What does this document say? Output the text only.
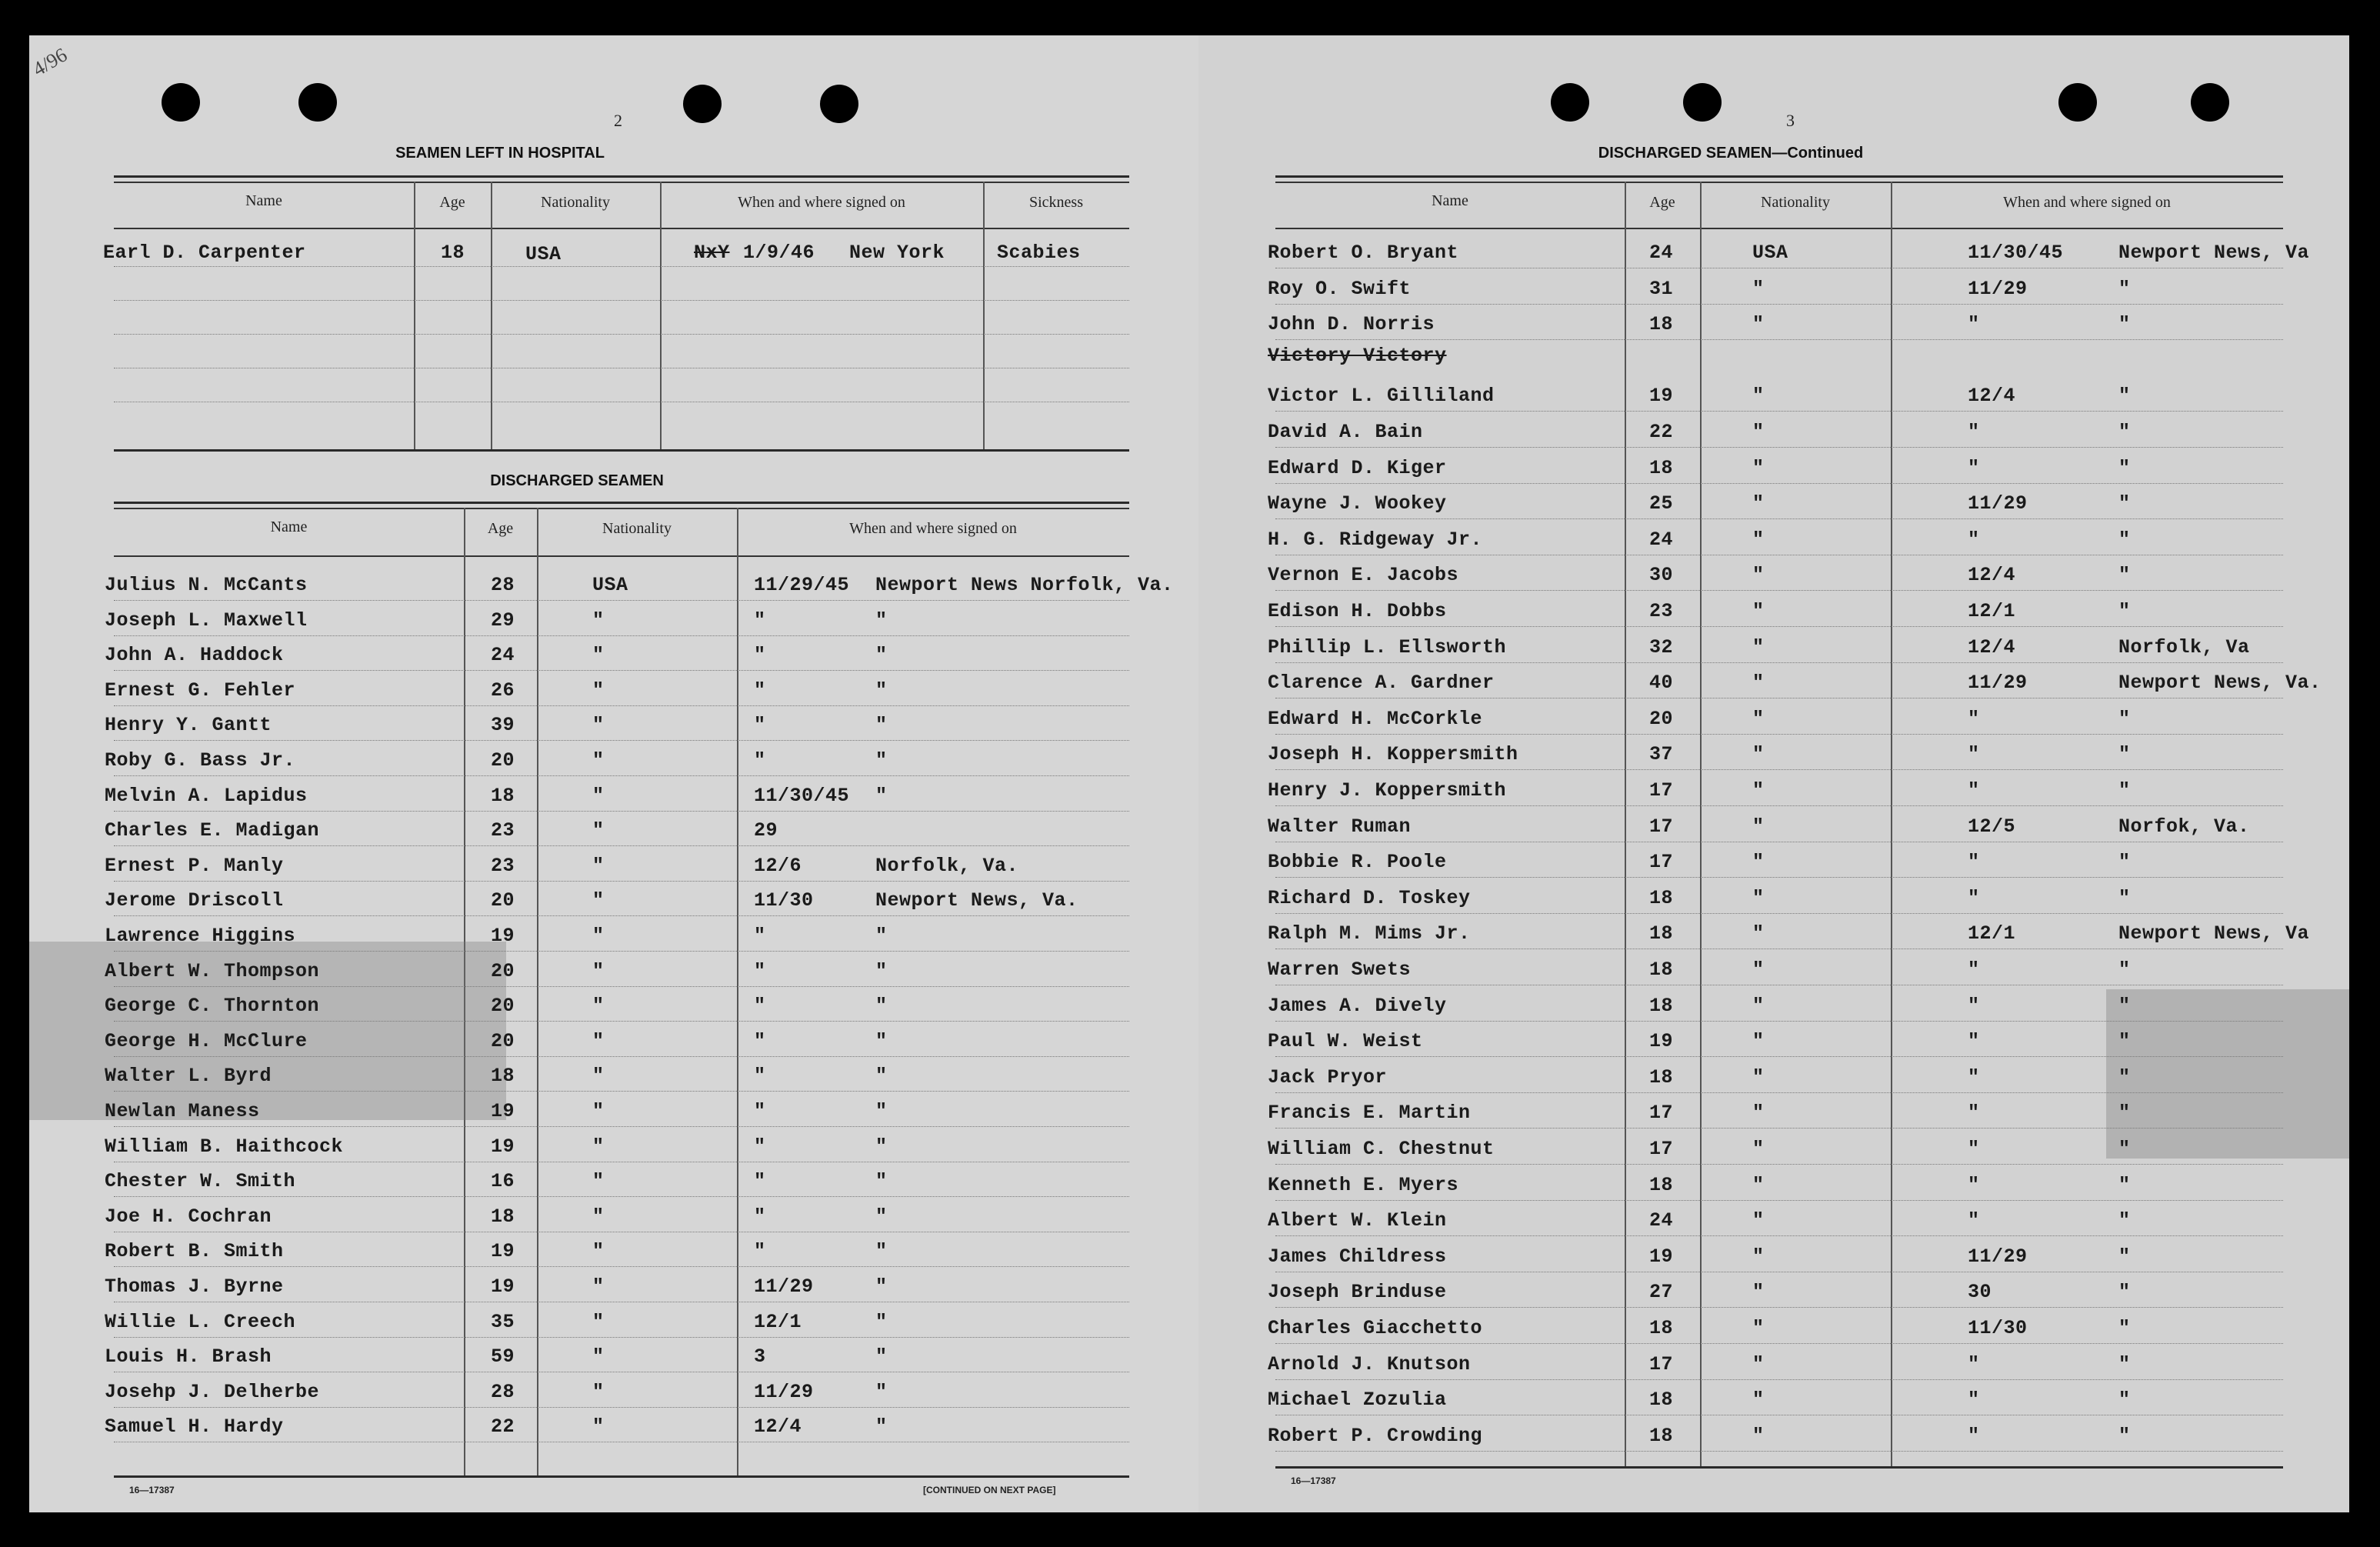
4/96
2
SEAMEN LEFT IN HOSPITAL
Name	Age	Nationality	When and where signed on	Sickness
Earl D. Carpenter	18	USA	NxY 1/9/46 New York	Scabies
DISCHARGED SEAMEN
Name	Age	Nationality	When and where signed on
Julius N. McCants	28	USA	11/29/45 Newport News Norfolk, Va.
Joseph L. Maxwell	29	"	"	"
John A. Haddock	24	"	"	"
Ernest G. Fehler	26	"	"	"
Henry Y. Gantt	39	"	"	"
Roby G. Bass Jr.	20	"	"	"
Melvin A. Lapidus	18	"	11/30/45 "
Charles E. Madigan	23	"	29
Ernest P. Manly	23	"	12/6	Norfolk, Va.
Jerome Driscoll	20	"	11/30	Newport News, Va.
Lawrence Higgins	19	"	"	"
Albert W. Thompson	20	"	"	"
George C. Thornton	20	"	"	"
George H. McClure	20	"	"	"
Walter L. Byrd	18	"	"	"
Newlan Maness	19	"	"	"
William B. Haithcock	19	"	"	"
Chester W. Smith	16	"	"	"
Joe H. Cochran	18	"	"	"
Robert B. Smith	19	"	"	"
Thomas J. Byrne	19	"	11/29	"
Willie L. Creech	35	"	12/1	"
Louis H. Brash	59	"	3	"
Josehp J. Delherbe	28	"	11/29	"
Samuel H. Hardy	22	"	12/4	"
16—17387	[CONTINUED ON NEXT PAGE]
3
DISCHARGED SEAMEN—Continued
Name	Age	Nationality	When and where signed on
Victory Victory
Robert O. Bryant	24	USA	11/30/45	Newport News, Va
Roy O. Swift	31	"	11/29	"
John D. Norris	18	"	"	"
Victor L. Gilliland	19	"	12/4	"
David A. Bain	22	"	"	"
Edward D. Kiger	18	"	"	"
Wayne J. Wookey	25	"	11/29	"
H. G. Ridgeway Jr.	24	"	"	"
Vernon E. Jacobs	30	"	12/4	"
Edison H. Dobbs	23	"	12/1	"
Phillip L. Ellsworth	32	"	12/4	Norfolk, Va
Clarence A. Gardner	40	"	11/29	Newport News, Va.
Edward H. McCorkle	20	"	"	"
Joseph H. Koppersmith	37	"	"	"
Henry J. Koppersmith	17	"	"	"
Walter Ruman	17	"	12/5	Norfok, Va.
Bobbie R. Poole	17	"	"	"
Richard D. Toskey	18	"	"	"
Ralph M. Mims Jr.	18	"	12/1	Newport News, Va
Warren Swets	18	"	"	"
James A. Dively	18	"	"	"
Paul W. Weist	19	"	"	"
Jack Pryor	18	"	"	"
Francis E. Martin	17	"	"	"
William C. Chestnut	17	"	"	"
Kenneth E. Myers	18	"	"	"
Albert W. Klein	24	"	"	"
James Childress	19	"	11/29	"
Joseph Brinduse	27	"	30	"
Charles Giacchetto	18	"	11/30	"
Arnold J. Knutson	17	"	"	"
Michael Zozulia	18	"	"	"
Robert P. Crowding	18	"	"	"
16—17387
